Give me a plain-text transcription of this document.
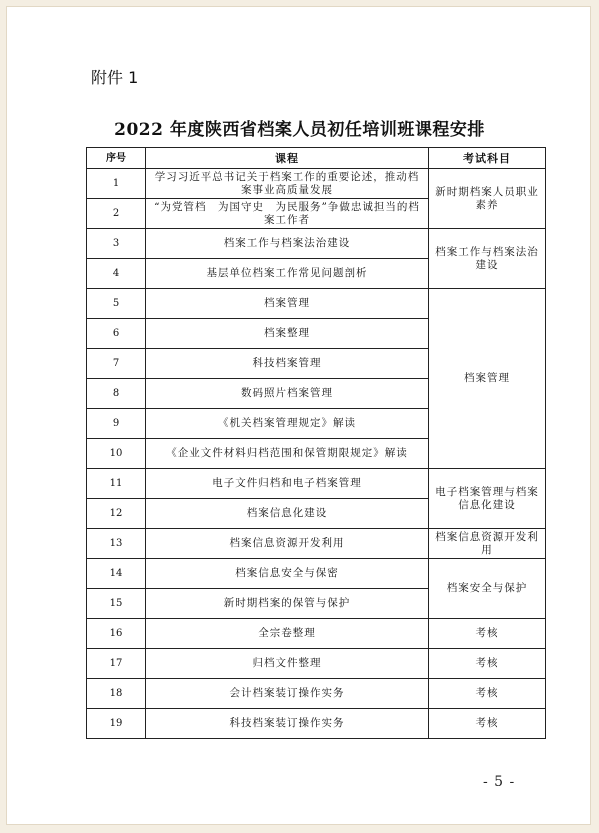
附件 1
2022 年度陕西省档案人员初任培训班课程安排
序号	课程	考试科目
1	学习习近平总书记关于档案工作的重要论述，推动档案事业高质量发展	新时期档案人员职业素养
2	“为党管档　为国守史　为民服务”争做忠诚担当的档案工作者	
3	档案工作与档案法治建设	档案工作与档案法治建设
4	基层单位档案工作常见问题剖析	
5	档案管理	档案管理
6	档案整理	
7	科技档案管理	
8	数码照片档案管理	
9	《机关档案管理规定》解读	
10	《企业文件材料归档范围和保管期限规定》解读	
11	电子文件归档和电子档案管理	电子档案管理与档案信息化建设
12	档案信息化建设	
13	档案信息资源开发利用	档案信息资源开发利用
14	档案信息安全与保密	档案安全与保护
15	新时期档案的保管与保护	
16	全宗卷整理	考核
17	归档文件整理	考核
18	会计档案装订操作实务	考核
19	科技档案装订操作实务	考核
- 5 -
